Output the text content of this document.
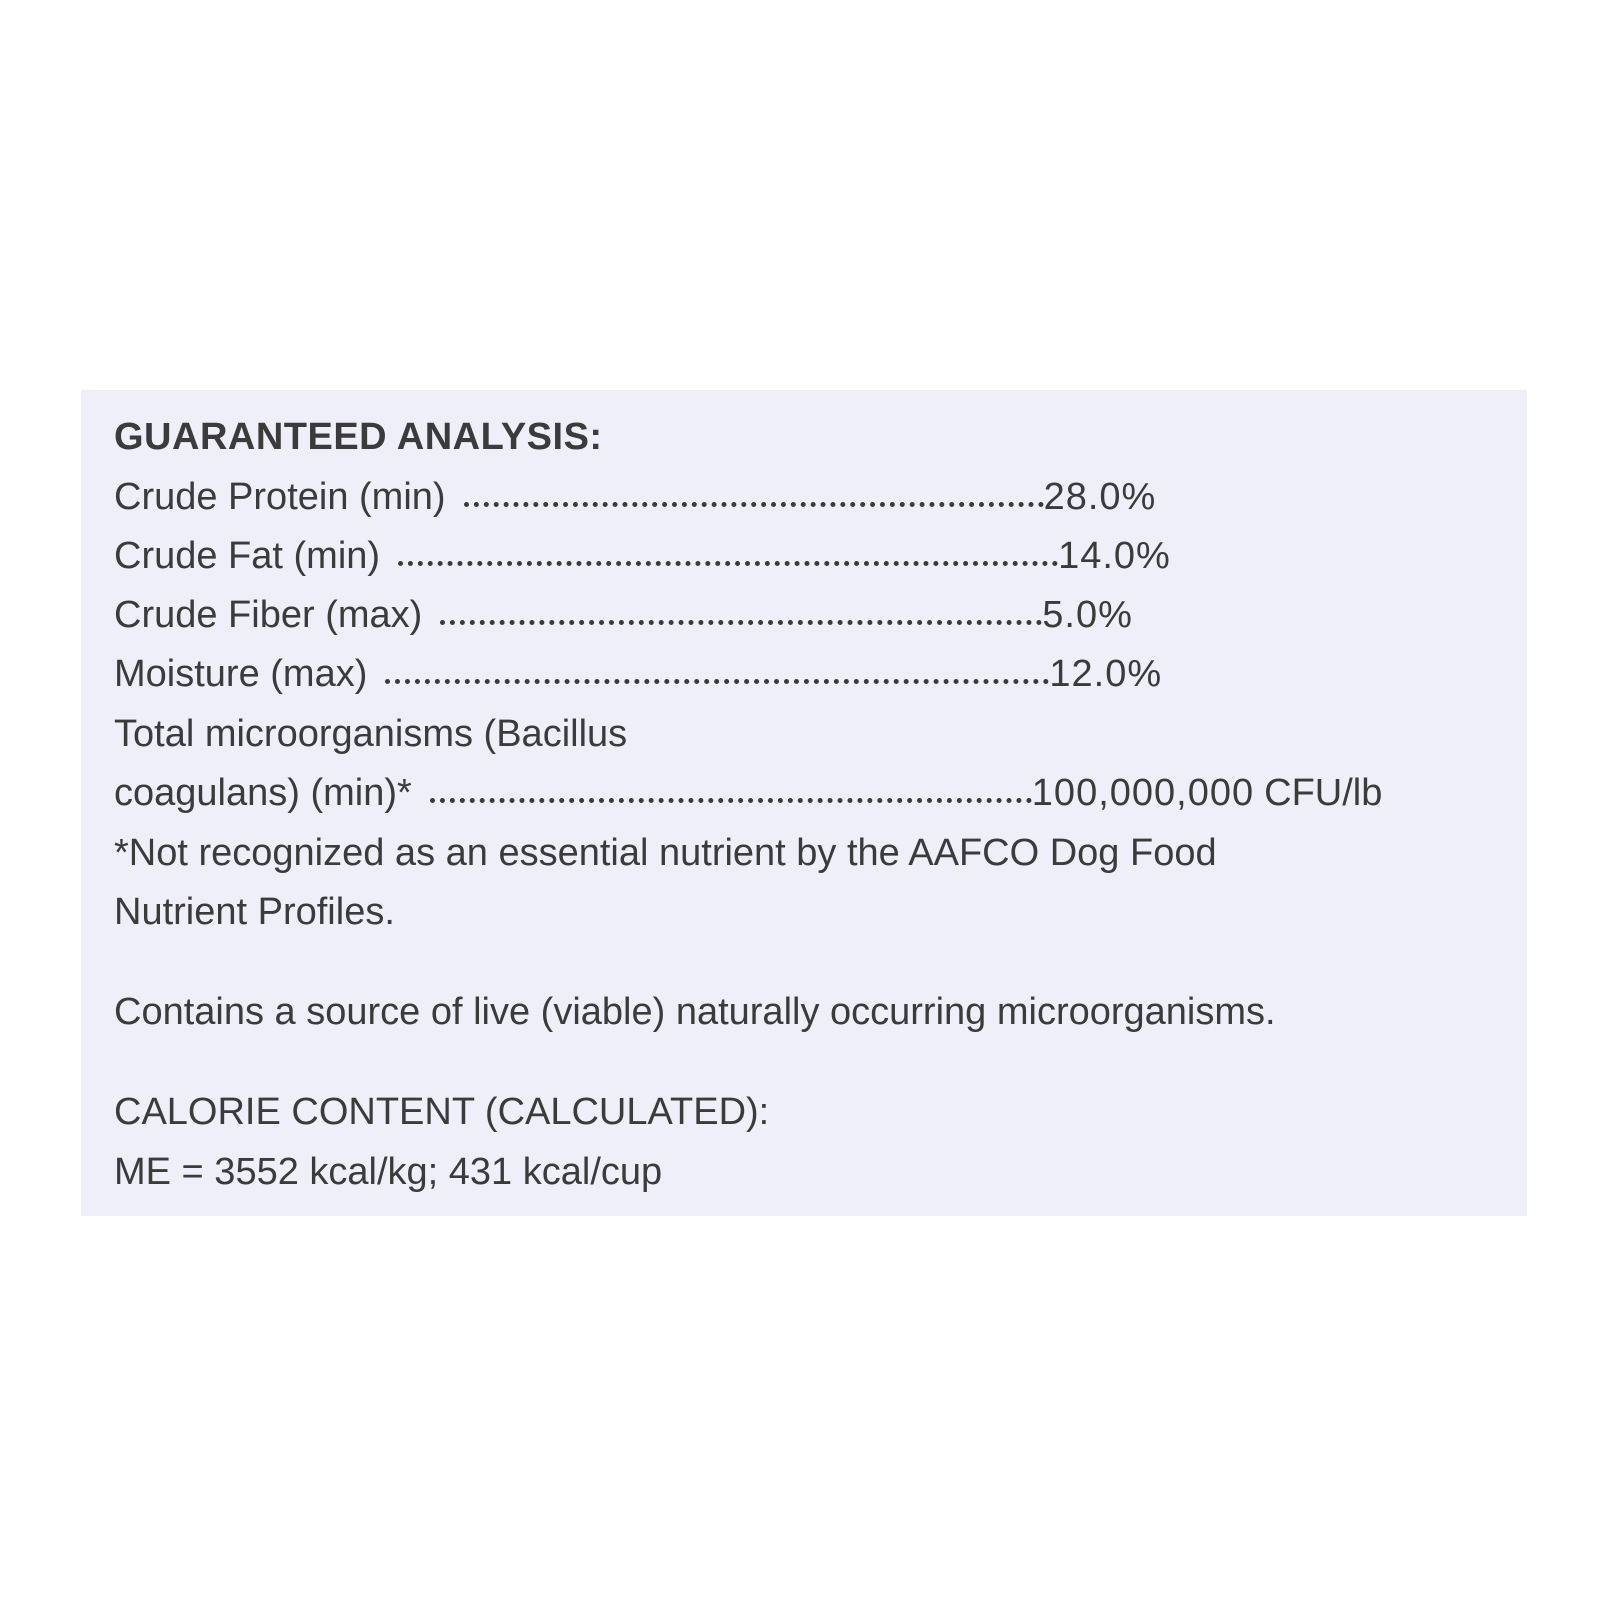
GUARANTEED ANALYSIS:
Crude Protein (min)	28.0%
Crude Fat (min)	14.0%
Crude Fiber (max)	5.0%
Moisture (max)	12.0%
Total microorganisms (Bacillus
coagulans) (min)*	100,000,000 CFU/lb
*Not recognized as an essential nutrient by the AAFCO Dog Food
Nutrient Profiles.
Contains a source of live (viable) naturally occurring microorganisms.
CALORIE CONTENT (CALCULATED):
ME = 3552 kcal/kg; 431 kcal/cup
